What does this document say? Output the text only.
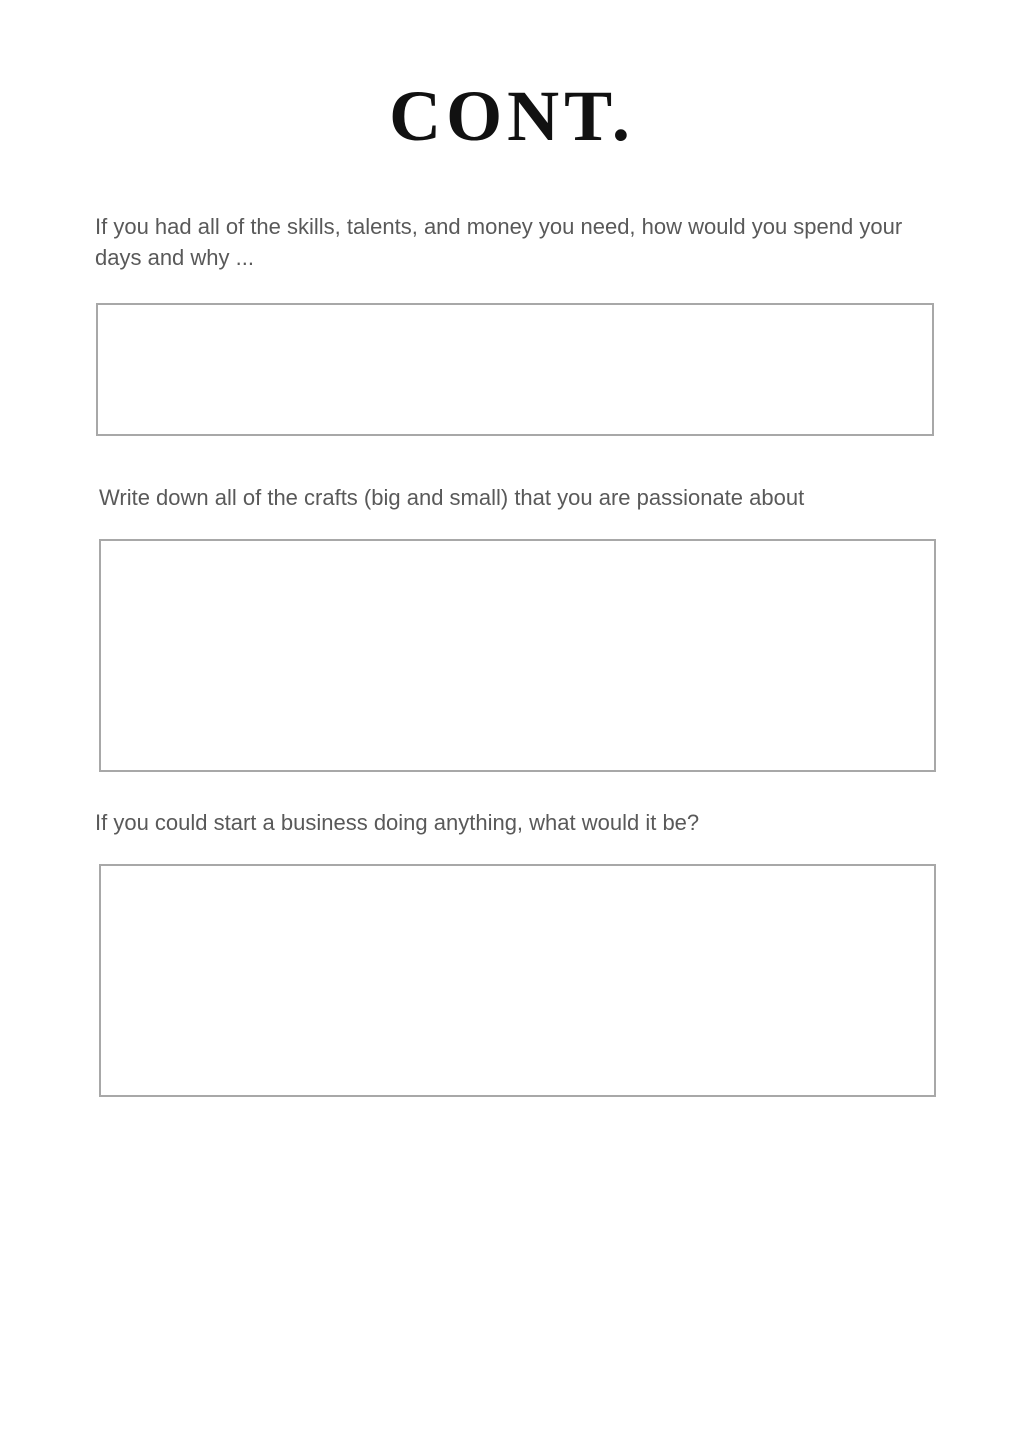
CONT.

If you had all of the skills, talents, and money you need, how would you spend your days and why ...

Write down all of the crafts (big and small) that you are passionate about

If you could start a business doing anything, what would it be?
